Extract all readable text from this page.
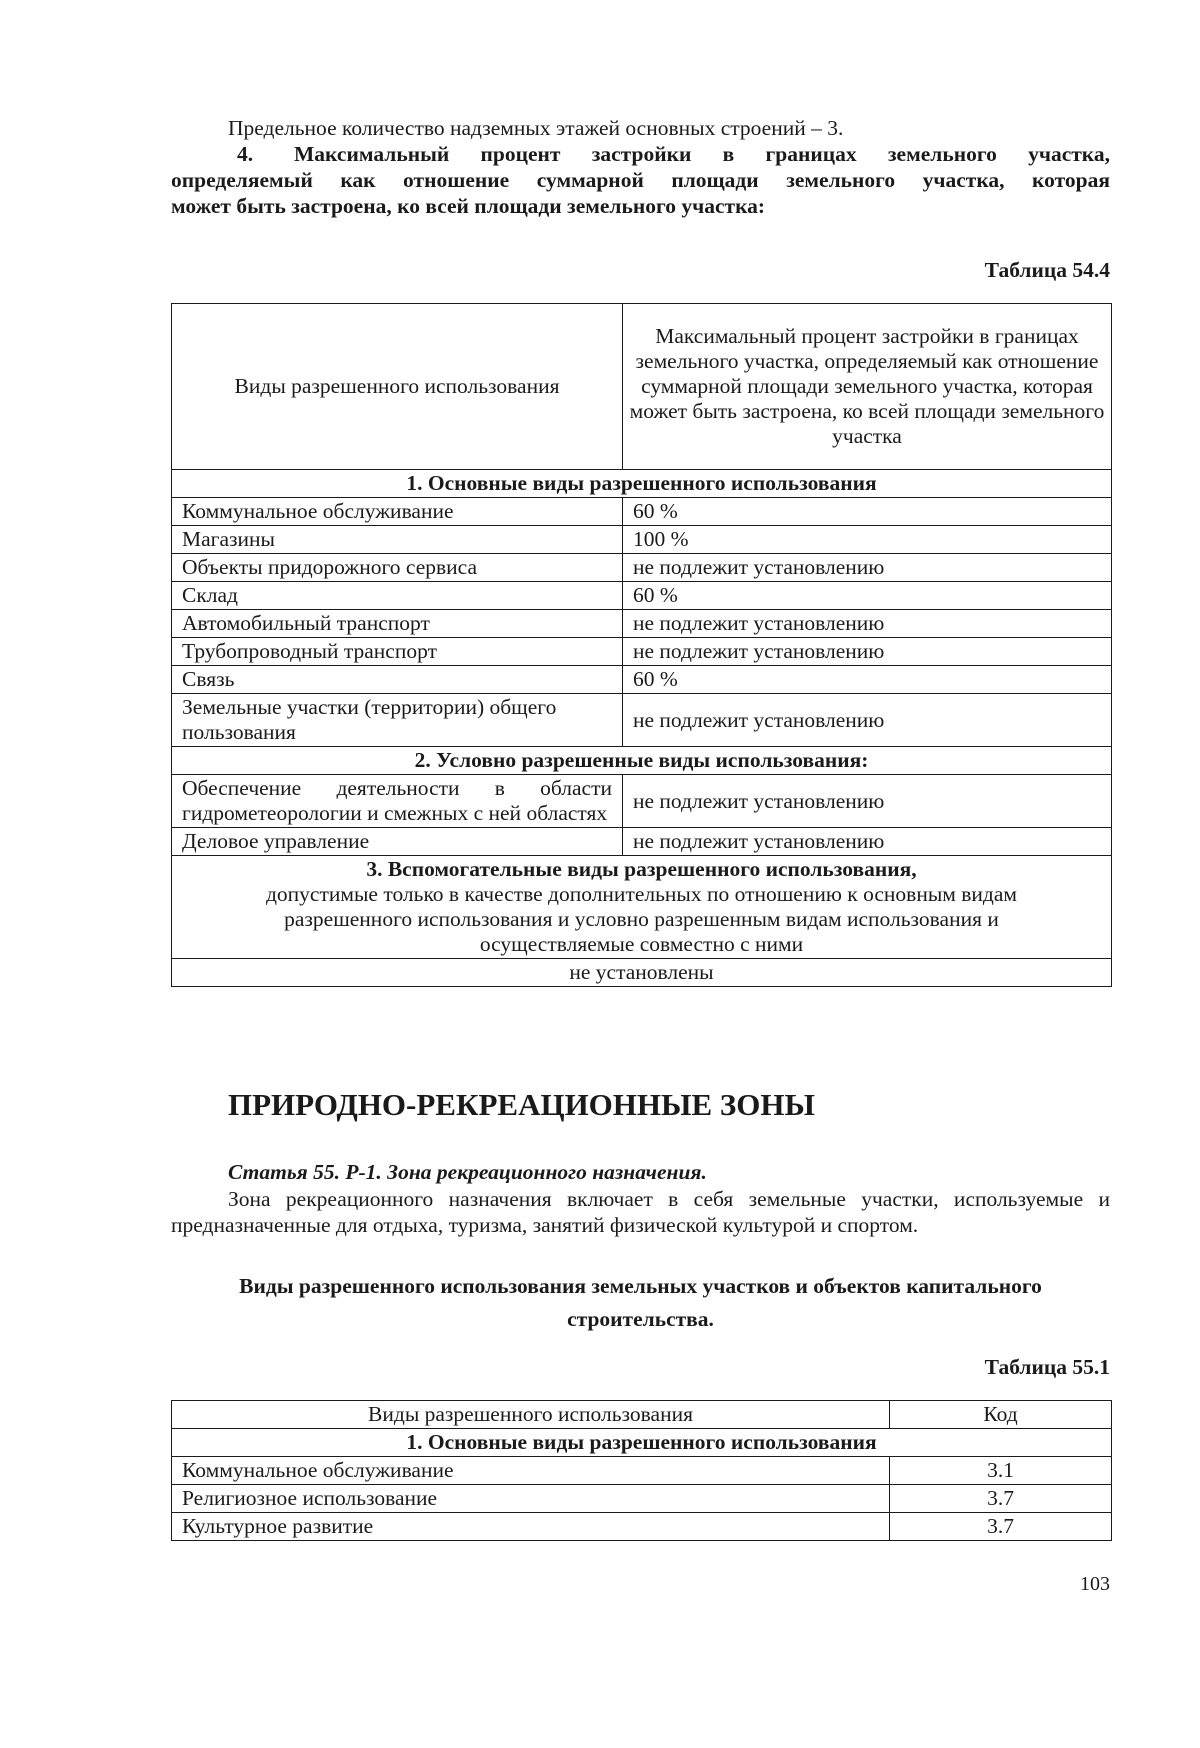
Предельное количество надземных этажей основных строений – 3.

4.	Максимальный процент застройки в границах земельного участка,

определяемый как отношение суммарной площади земельного участка, которая

может быть застроена, ко всей площади земельного участка:

Таблица 54.4

Виды разрешенного использования	Максимальный процент застройки в границах земельного участка, определяемый как отношение суммарной площади земельного участка, которая может быть застроена, ко всей площади земельного участка
1. Основные виды разрешенного использования	
Коммунальное обслуживание	60 %
Магазины	100 %
Объекты придорожного сервиса	не подлежит установлению
Склад	60 %
Автомобильный транспорт	не подлежит установлению
Трубопроводный транспорт	не подлежит установлению
Связь	60 %
Земельные участки (территории) общего пользования	не подлежит установлению
2. Условно разрешенные виды использования:	
Обеспечение деятельности в области гидрометеорологии и смежных с ней областях	не подлежит установлению
Деловое управление	не подлежит установлению

3. Вспомогательные виды разрешенного использования,
допустимые только в качестве дополнительных по отношению к основным видам разрешенного использования и условно разрешенным видам использования и осуществляемые совместно с ними	

не установлены	
ПРИРОДНО-РЕКРЕАЦИОННЫЕ ЗОНЫ

Статья 55. Р-1. Зона рекреационного назначения.

Зона рекреационного назначения включает в себя земельные участки, используемые и предназначенные для отдыха, туризма, занятий физической культурой и спортом.

Виды разрешенного использования земельных участков и объектов капитального строительства.

Таблица 55.1

Виды разрешенного использования	Код
1. Основные виды разрешенного использования	
Коммунальное обслуживание	3.1
Религиозное использование	3.7
Культурное развитие	3.7

103
